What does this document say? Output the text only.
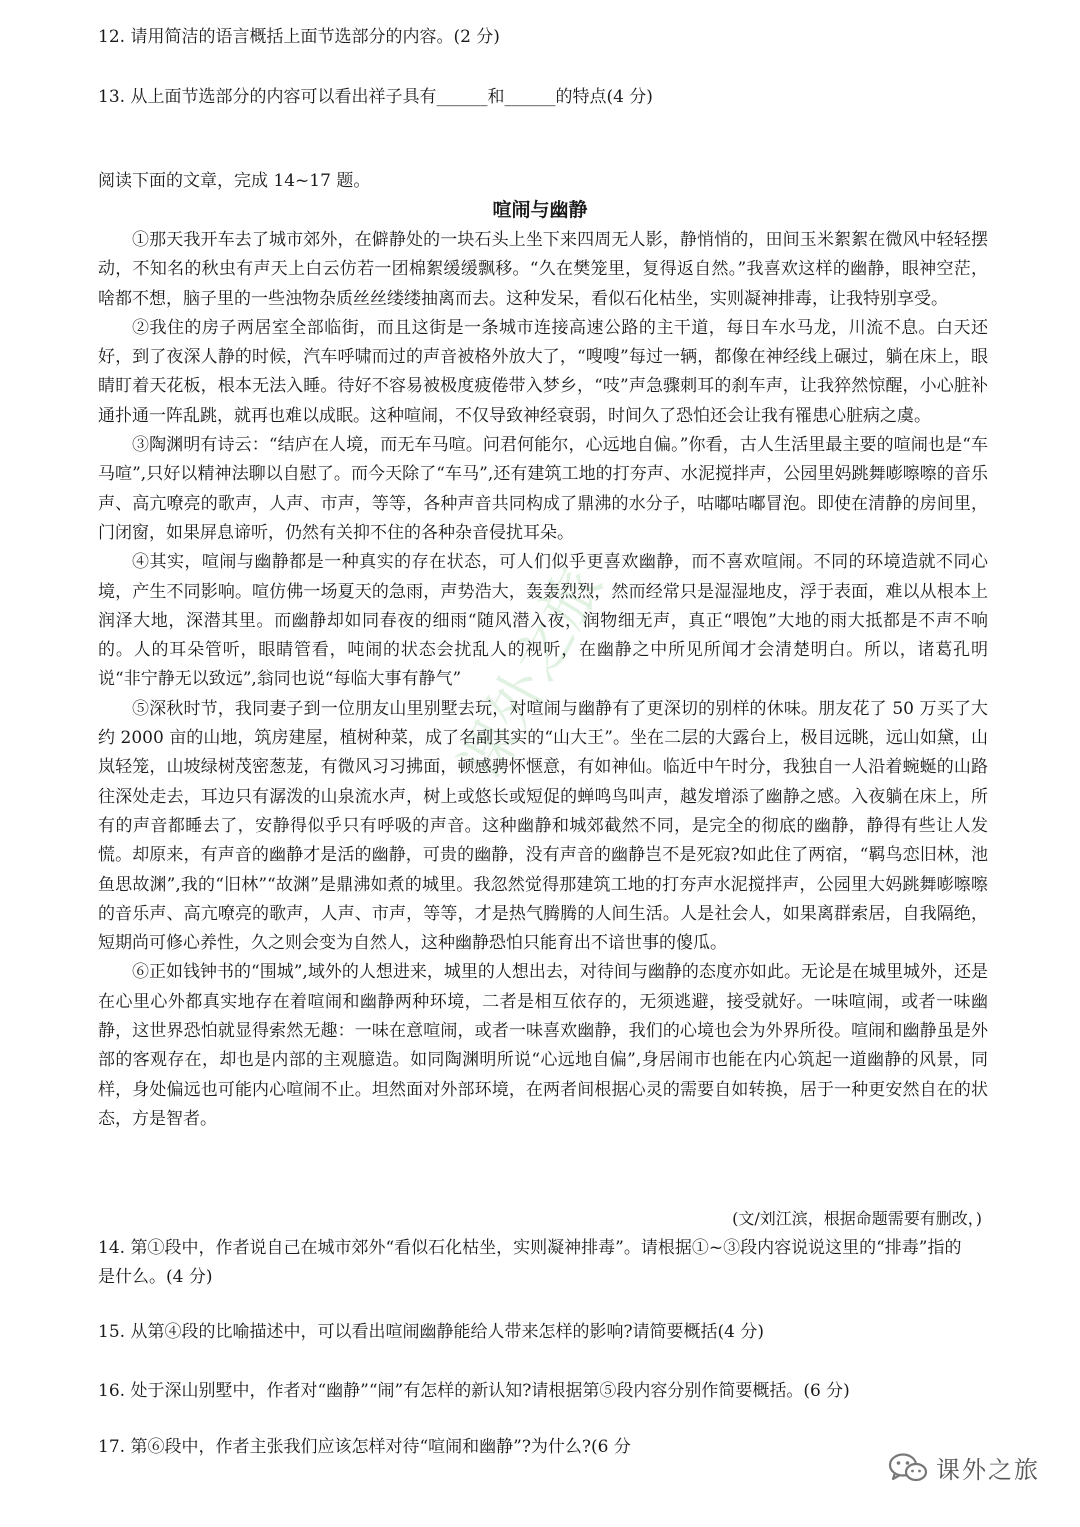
课外之旅
12. 请用简洁的语言概括上面节选部分的内容。(2 分)
13. 从上面节选部分的内容可以看出祥子具有______和______的特点(4 分)
阅读下面的文章，完成 14~17 题。
喧闹与幽静

①那天我开车去了城市郊外，在僻静处的一块石头上坐下来四周无人影，静悄悄的，田间玉米絮絮在微风中轻轻摆动，不知名的秋虫有声天上白云仿若一团棉絮缓缓飘移。“久在樊笼里，复得返自然。”我喜欢这样的幽静，眼神空茫，啥都不想，脑子里的一些浊物杂质丝丝缕缕抽离而去。这种发呆，看似石化枯坐，实则凝神排毒，让我特别享受。

②我住的房子两居室全部临街，而且这街是一条城市连接高速公路的主干道，每日车水马龙，川流不息。白天还好，到了夜深人静的时候，汽车呼啸而过的声音被格外放大了，“嗖嗖”每过一辆，都像在神经线上碾过，躺在床上，眼睛盯着天花板，根本无法入睡。待好不容易被极度疲倦带入梦乡，“吱”声急骤刺耳的刹车声，让我猝然惊醒，小心脏补通扑通一阵乱跳，就再也难以成眠。这种喧闹，不仅导致神经衰弱，时间久了恐怕还会让我有罹患心脏病之虞。

③陶渊明有诗云：“结庐在人境，而无车马喧。问君何能尔，心远地自偏。”你看，古人生活里最主要的喧闹也是“车马喧”,只好以精神法聊以自慰了。而今天除了“车马”,还有建筑工地的打夯声、水泥搅拌声，公园里妈跳舞嘭嚓嚓的音乐声、高亢嘹亮的歌声，人声、市声，等等，各种声音共同构成了鼎沸的水分子，咕嘟咕嘟冒泡。即使在清静的房间里，门闭窗，如果屏息谛听，仍然有关抑不住的各种杂音侵扰耳朵。

④其实，喧闹与幽静都是一种真实的存在状态，可人们似乎更喜欢幽静，而不喜欢喧闹。不同的环境造就不同心境，产生不同影响。喧仿佛一场夏天的急雨，声势浩大，轰轰烈烈，然而经常只是湿湿地皮，浮于表面，难以从根本上润泽大地，深潜其里。而幽静却如同春夜的细雨“随风潜入夜，润物细无声，真正“喂饱”大地的雨大抵都是不声不响的。人的耳朵管听，眼睛管看，吨闹的状态会扰乱人的视听，在幽静之中所见所闻才会清楚明白。所以，诸葛孔明说“非宁静无以致远”,翁同也说“每临大事有静气”

⑤深秋时节，我同妻子到一位朋友山里别墅去玩，对喧闹与幽静有了更深切的别样的休味。朋友花了 50 万买了大约 2000 亩的山地，筑房建屋，植树种菜，成了名副其实的“山大王”。坐在二层的大露台上，极目远眺，远山如黛，山岚轻笼，山坡绿树茂密葱茏，有微风习习拂面，顿感骋怀惬意，有如神仙。临近中午时分，我独自一人沿着蜿蜒的山路往深处走去，耳边只有潺泼的山泉流水声，树上或悠长或短促的蝉鸣鸟叫声，越发增添了幽静之感。入夜躺在床上，所有的声音都睡去了，安静得似乎只有呼吸的声音。这种幽静和城郊截然不同，是完全的彻底的幽静，静得有些让人发慌。却原来，有声音的幽静才是活的幽静，可贵的幽静，没有声音的幽静岂不是死寂?如此住了两宿，“羁鸟恋旧林，池鱼思故渊”,我的“旧林”“故渊”是鼎沸如煮的城里。我忽然觉得那建筑工地的打夯声水泥搅拌声，公园里大妈跳舞嘭嚓嚓的音乐声、高亢嘹亮的歌声，人声、市声，等等，才是热气腾腾的人间生活。人是社会人，如果离群索居，自我隔绝，短期尚可修心养性，久之则会变为自然人，这种幽静恐怕只能育出不谙世事的傻瓜。

⑥正如钱钟书的“围城”,域外的人想进来，城里的人想出去，对待间与幽静的态度亦如此。无论是在城里城外，还是在心里心外都真实地存在着喧闹和幽静两种环境，二者是相互依存的，无须逃避，接受就好。一味喧闹，或者一味幽静，这世界恐怕就显得索然无趣：一味在意喧闹，或者一味喜欢幽静，我们的心境也会为外界所役。喧闹和幽静虽是外部的客观存在，却也是内部的主观臆造。如同陶渊明所说“心远地自偏”,身居闹市也能在内心筑起一道幽静的风景，同样，身处偏远也可能内心喧闹不止。坦然面对外部环境，在两者间根据心灵的需要自如转换，居于一种更安然自在的状态，方是智者。

(文/刘江滨，根据命题需要有删改，)
14. 第①段中，作者说自己在城市郊外“看似石化枯坐，实则凝神排毒”。请根据①~③段内容说说这里的“排毒”指的是什么。(4 分)
15. 从第④段的比喻描述中，可以看出喧闹幽静能给人带来怎样的影响?请简要概括(4 分)
16. 处于深山别墅中，作者对“幽静”“闹”有怎样的新认知?请根据第⑤段内容分别作简要概括。(6 分)
17. 第⑥段中，作者主张我们应该怎样对待“喧闹和幽静”?为什么?(6 分
课外之旅
